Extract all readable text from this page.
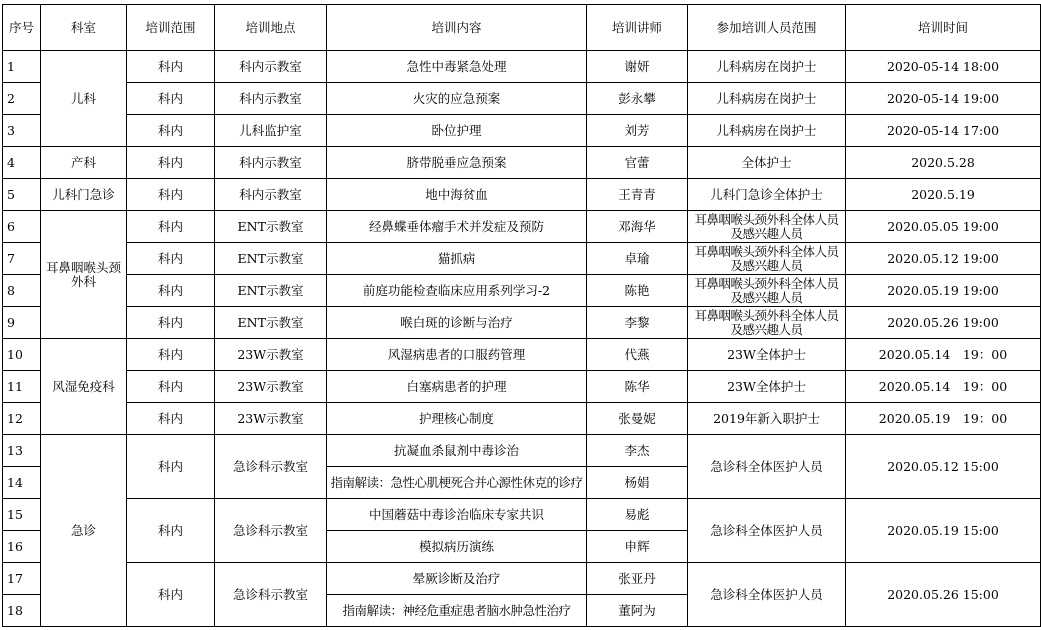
序号	科室	培训范围	培训地点	培训内容	培训讲师	参加培训人员范围	培训时间
1	儿科	科内	科内示教室	急性中毒紧急处理	谢妍	儿科病房在岗护士	2020-05-14 18:00
2		科内	科内示教室	火灾的应急预案	彭永攀	儿科病房在岗护士	2020-05-14 19:00
3		科内	儿科监护室	卧位护理	刘芳	儿科病房在岗护士	2020-05-14 17:00
4	产科	科内	科内示教室	脐带脱垂应急预案	官蕾	全体护士	2020.5.28
5	儿科门急诊	科内	科内示教室	地中海贫血	王青青	儿科门急诊全体护士	2020.5.19
6	耳鼻咽喉头颈外科	科内	ENT示教室	经鼻蝶垂体瘤手术并发症及预防	邓海华	耳鼻咽喉头颈外科全体人员及感兴趣人员	2020.05.05 19:00
7		科内	ENT示教室	猫抓病	卓瑜	耳鼻咽喉头颈外科全体人员及感兴趣人员	2020.05.12 19:00
8		科内	ENT示教室	前庭功能检查临床应用系列学习-2	陈艳	耳鼻咽喉头颈外科全体人员及感兴趣人员	2020.05.19 19:00
9		科内	ENT示教室	喉白斑的诊断与治疗	李黎	耳鼻咽喉头颈外科全体人员及感兴趣人员	2020.05.26 19:00
10	风湿免疫科	科内	23W示教室	风湿病患者的口服药管理	代燕	23W全体护士	2020.05.14　19：00
11		科内	23W示教室	白塞病患者的护理	陈华	23W全体护士	2020.05.14　19：00
12		科内	23W示教室	护理核心制度	张曼妮	2019年新入职护士	2020.05.19　19：00
13	急诊	科内	急诊科示教室	抗凝血杀鼠剂中毒诊治	李杰	急诊科全体医护人员	2020.05.12 15:00
14				指南解读：急性心肌梗死合并心源性休克的诊疗	杨娟		
15		科内	急诊科示教室	中国蘑菇中毒诊治临床专家共识	易彪	急诊科全体医护人员	2020.05.19 15:00
16				模拟病历演练	申辉		
17		科内	急诊科示教室	晕厥诊断及治疗	张亚丹	急诊科全体医护人员	2020.05.26 15:00
18				指南解读：神经危重症患者脑水肿急性治疗	董阿为		
